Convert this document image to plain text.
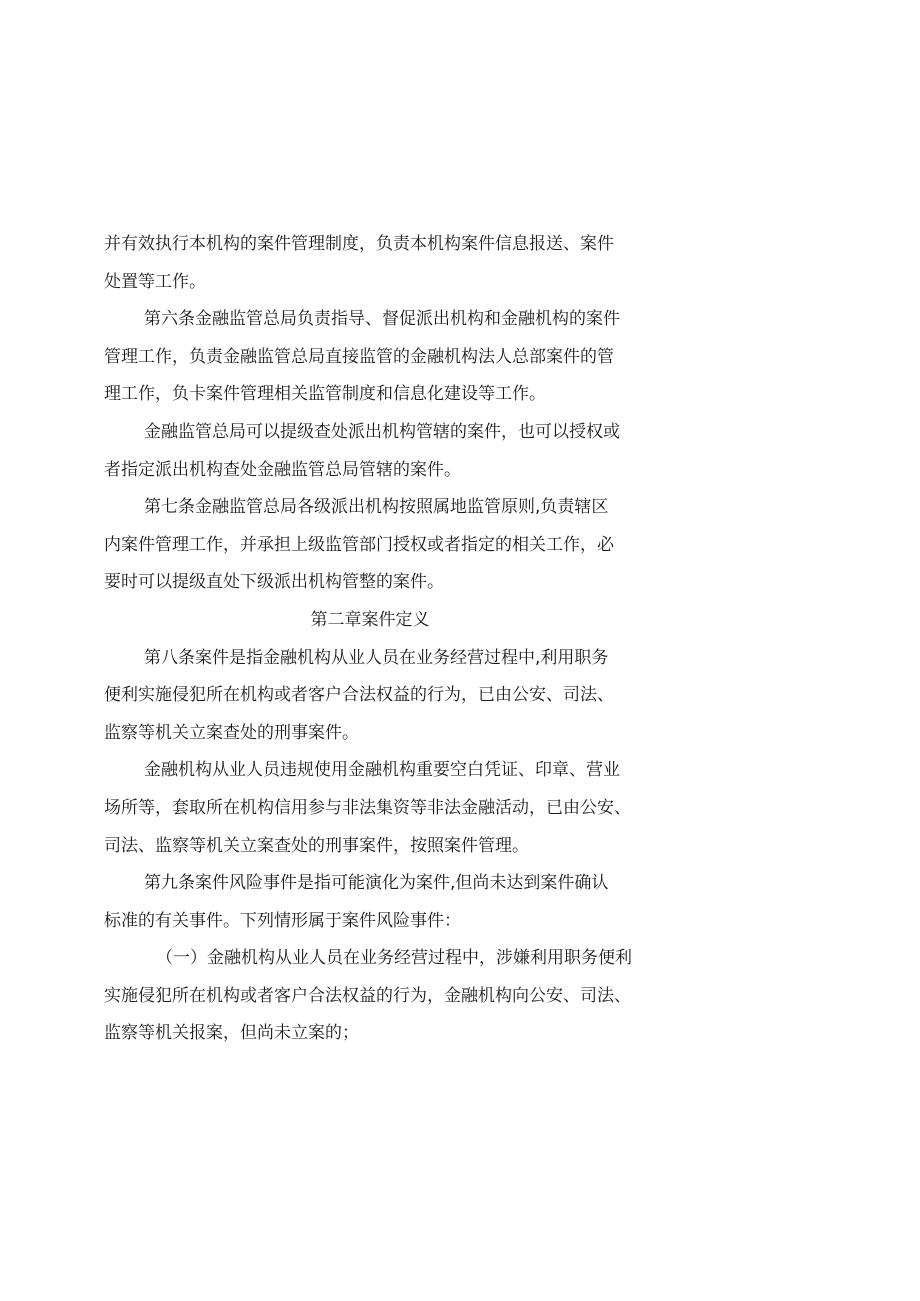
并有效执行本机构的案件管理制度，负责本机构案件信息报送、案件
处置等工作。
第六条金融监管总局负责指导、督促派出机构和金融机构的案件
管理工作，负责金融监管总局直接监管的金融机构法人总部案件的管
理工作，负卡案件管理相关监管制度和信息化建设等工作。
金融监管总局可以提级查处派出机构管辖的案件，也可以授权或
者指定派出机构查处金融监管总局管辖的案件。
第七条金融监管总局各级派出机构按照属地监管原则,负责辖区
内案件管理工作，并承担上级监管部门授权或者指定的相关工作，必
要时可以提级直处下级派出机构管整的案件。
第二章案件定义
第八条案件是指金融机构从业人员在业务经营过程中,利用职务
便利实施侵犯所在机构或者客户合法权益的行为，已由公安、司法、
监察等机关立案查处的刑事案件。
金融机构从业人员违规使用金融机构重要空白凭证、印章、营业
场所等，套取所在机构信用参与非法集资等非法金融活动，已由公安、
司法、监察等机关立案查处的刑事案件，按照案件管理。
第九条案件风险事件是指可能演化为案件,但尚未达到案件确认
标准的有关事件。下列情形属于案件风险事件：
（一）金融机构从业人员在业务经营过程中，涉嫌利用职务便利
实施侵犯所在机构或者客户合法权益的行为，金融机构向公安、司法、
监察等机关报案，但尚未立案的；
